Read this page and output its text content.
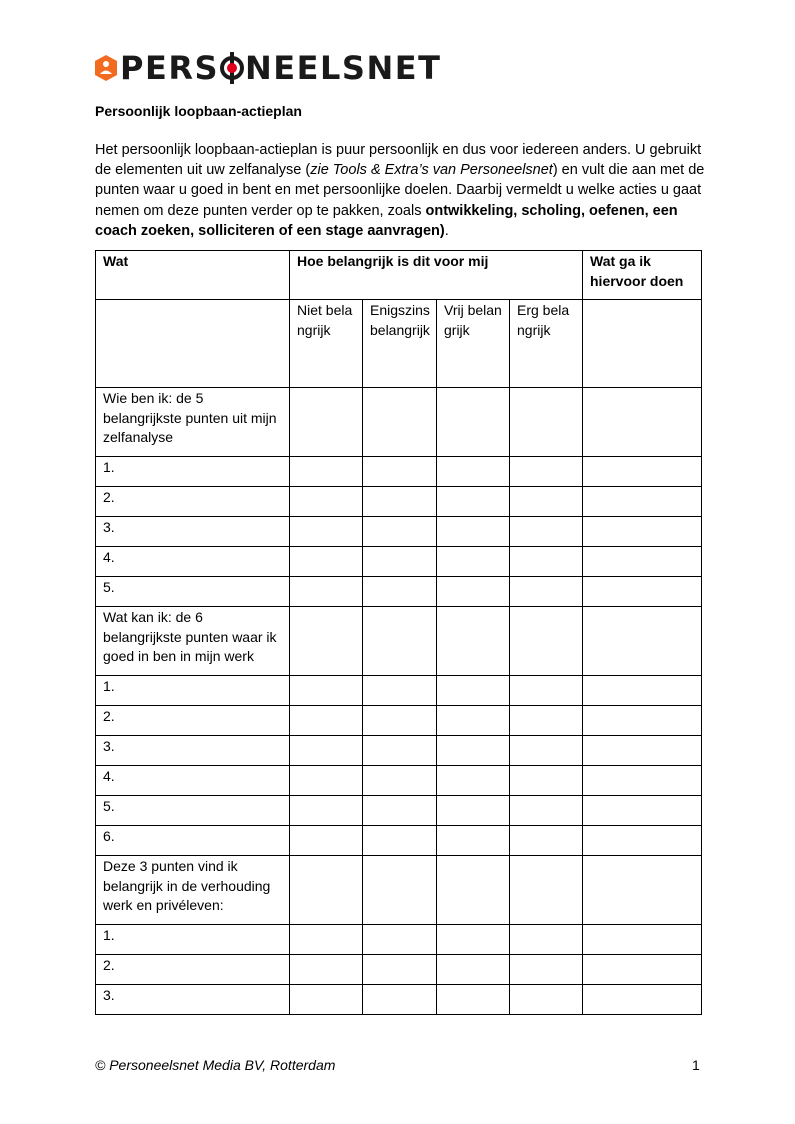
PERS NEELSNET
Persoonlijk loopbaan-actieplan
Het persoonlijk loopbaan-actieplan is puur persoonlijk en dus voor iedereen anders. U gebruikt de elementen uit uw zelfanalyse (zie Tools & Extra’s van Personeelsnet) en vult die aan met de punten waar u goed in bent en met persoonlijke doelen. Daarbij vermeldt u welke acties u gaat nemen om deze punten verder op te pakken, zoals ontwikkeling, scholing, oefenen, een coach zoeken, solliciteren of een stage aanvragen).
Wat	Hoe belangrijk is dit voor mij				Wat ga ik hiervoor doen
	Niet belangrijk	Enigszins belangrijk	Vrij belangrijk	Erg belangrijk	
Wie ben ik: de 5 belangrijkste punten uit mijn zelfanalyse					
1.					
2.					
3.					
4.					
5.					
Wat kan ik: de 6 belangrijkste punten waar ik goed in ben in mijn werk					
1.					
2.					
3.					
4.					
5.					
6.					
Deze 3 punten vind ik belangrijk in de verhouding werk en privéleven:					
1.					
2.					
3.					
© Personeelsnet Media BV, Rotterdam	1
